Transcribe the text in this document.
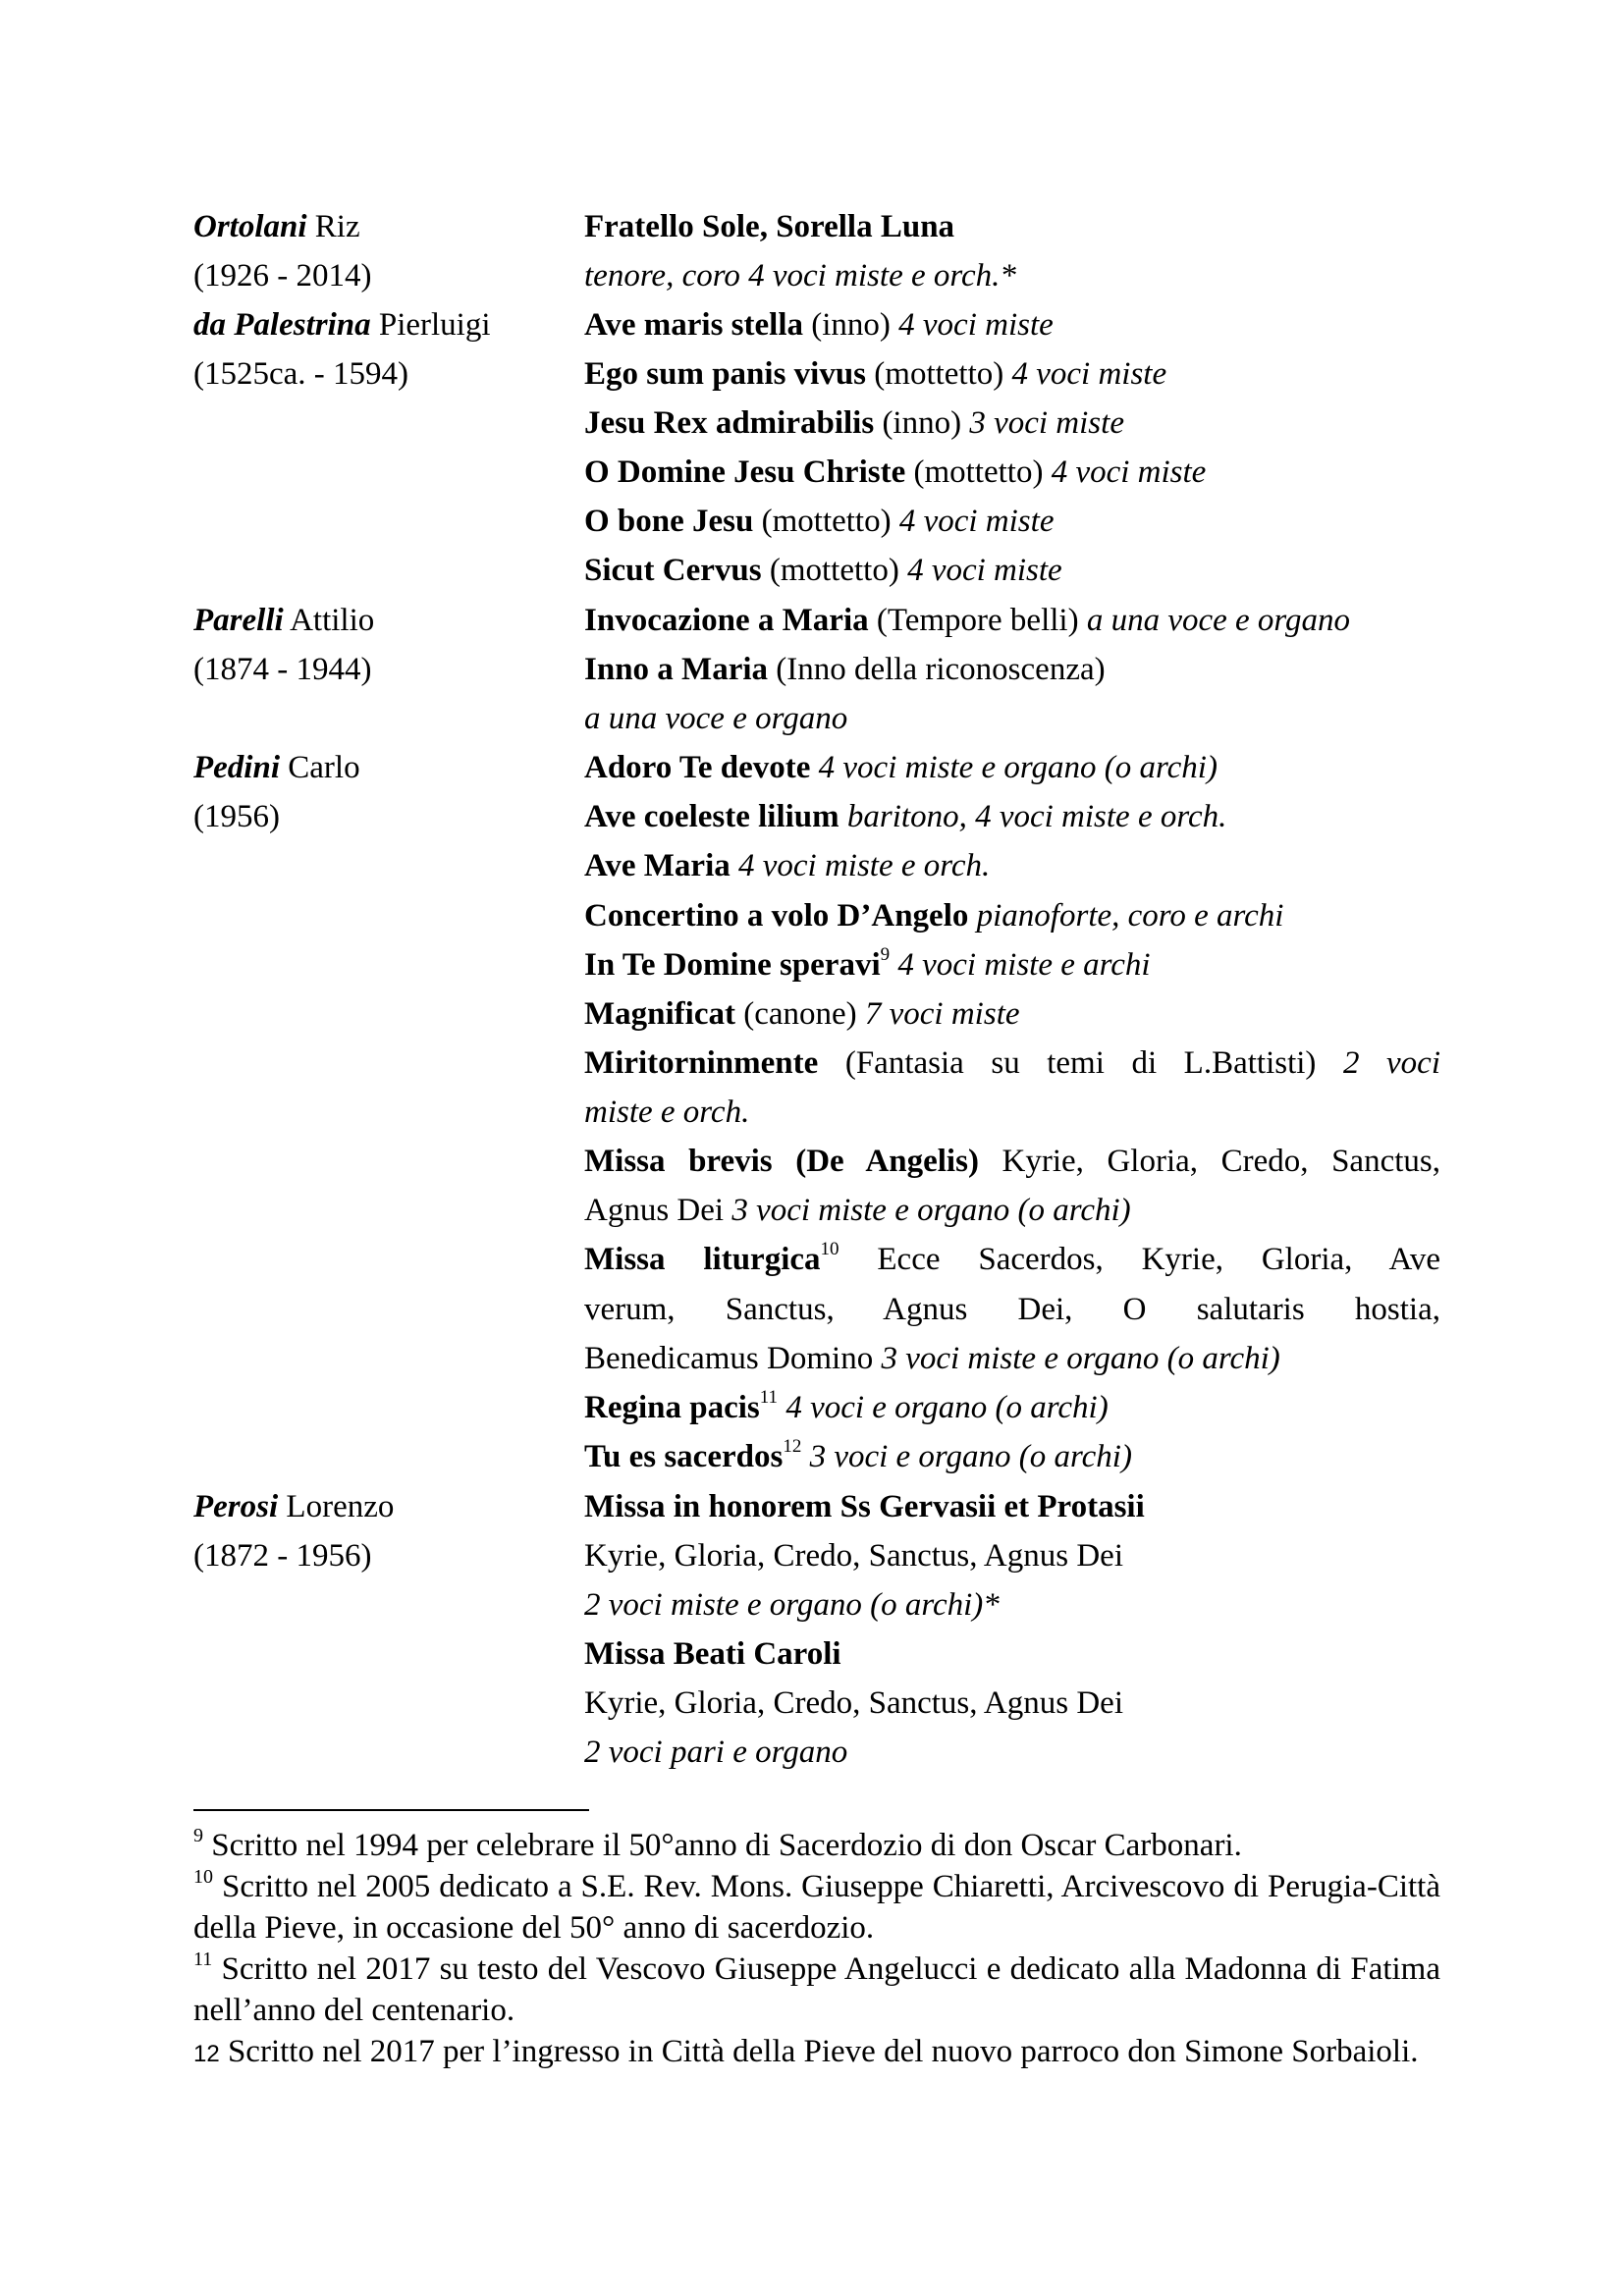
Ortolani Riz
(1926 - 2014)
da Palestrina Pierluigi
(1525ca. - 1594)
Parelli Attilio
(1874 - 1944)
Pedini Carlo
(1956)
Perosi Lorenzo
(1872 - 1956)
Fratello Sole, Sorella Luna
tenore, coro 4 voci miste e orch.*
Ave maris stella (inno) 4 voci miste
Ego sum panis vivus (mottetto) 4 voci miste
Jesu Rex admirabilis (inno) 3 voci miste
O Domine Jesu Christe (mottetto) 4 voci miste
O bone Jesu (mottetto) 4 voci miste
Sicut Cervus (mottetto) 4 voci miste
Invocazione a Maria (Tempore belli) a una voce e organo
Inno a Maria (Inno della riconoscenza)
a una voce e organo
Adoro Te devote 4 voci miste e organo (o archi)
Ave coeleste lilium baritono, 4 voci miste e orch.
Ave Maria 4 voci miste e orch.
Concertino a volo D’Angelo pianoforte, coro e archi
In Te Domine speravi$^9$ 4 voci miste e archi
Magnificat (canone) 7 voci miste
Miritorninmente (Fantasia su temi di L.Battisti) 2 voci
miste e orch.
Missa brevis (De Angelis) Kyrie, Gloria, Credo, Sanctus,
Agnus Dei 3 voci miste e organo (o archi)
Missa liturgica$^{10}$ Ecce Sacerdos, Kyrie, Gloria, Ave
verum, Sanctus, Agnus Dei, O salutaris hostia,
Benedicamus Domino 3 voci miste e organo (o archi)
Regina pacis$^{11}$ 4 voci e organo (o archi)
Tu es sacerdos$^{12}$ 3 voci e organo (o archi)
Missa in honorem Ss Gervasii et Protasii
Kyrie, Gloria, Credo, Sanctus, Agnus Dei
2 voci miste e organo (o archi)*
Missa Beati Caroli
Kyrie, Gloria, Credo, Sanctus, Agnus Dei
2 voci pari e organo
$^9$ Scritto nel 1994 per celebrare il 50°anno di Sacerdozio di don Oscar Carbonari.
$^{10}$ Scritto nel 2005 dedicato a S.E. Rev. Mons. Giuseppe Chiaretti, Arcivescovo di Perugia-Città della Pieve, in occasione del 50° anno di sacerdozio.
$^{11}$ Scritto nel 2017 su testo del Vescovo Giuseppe Angelucci e dedicato alla Madonna di Fatima nell’anno del centenario.
12 Scritto nel 2017 per l’ingresso in Città della Pieve del nuovo parroco don Simone Sorbaioli.
